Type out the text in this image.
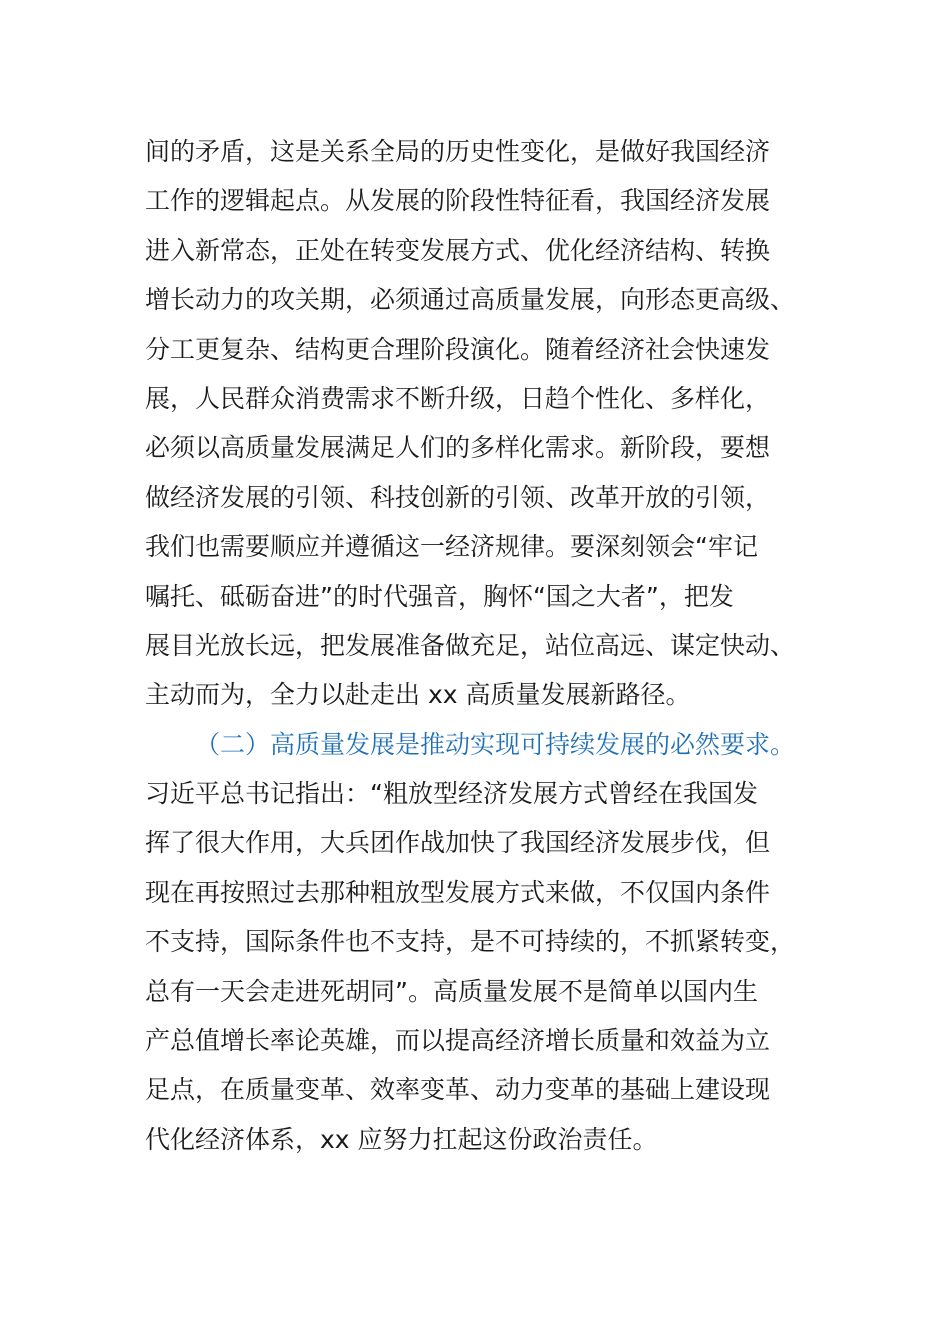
间的矛盾，这是关系全局的历史性变化，是做好我国经济
工作的逻辑起点。从发展的阶段性特征看，我国经济发展
进入新常态，正处在转变发展方式、优化经济结构、转换
增长动力的攻关期，必须通过高质量发展，向形态更高级、
分工更复杂、结构更合理阶段演化。随着经济社会快速发
展，人民群众消费需求不断升级，日趋个性化、多样化，
必须以高质量发展满足人们的多样化需求。新阶段，要想
做经济发展的引领、科技创新的引领、改革开放的引领，
我们也需要顺应并遵循这一经济规律。要深刻领会“牢记
嘱托、砥砺奋进”的时代强音，胸怀“国之大者”，把发
展目光放长远，把发展准备做充足，站位高远、谋定快动、
主动而为，全力以赴走出 xx 高质量发展新路径。
（二）高质量发展是推动实现可持续发展的必然要求。
习近平总书记指出：“粗放型经济发展方式曾经在我国发
挥了很大作用，大兵团作战加快了我国经济发展步伐，但
现在再按照过去那种粗放型发展方式来做，不仅国内条件
不支持，国际条件也不支持，是不可持续的，不抓紧转变，
总有一天会走进死胡同”。高质量发展不是简单以国内生
产总值增长率论英雄，而以提高经济增长质量和效益为立
足点，在质量变革、效率变革、动力变革的基础上建设现
代化经济体系，xx 应努力扛起这份政治责任。
